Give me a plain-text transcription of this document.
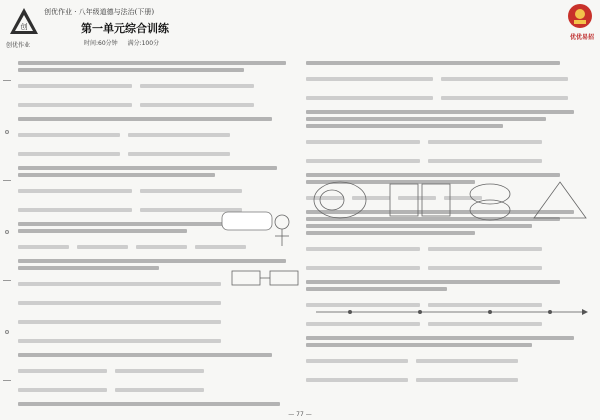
创
创优作业
创优作业 · 八年级道德与法治(下册)
第一单元综合训练
时间:60分钟 满分:100分
优优易招
— 77 —
